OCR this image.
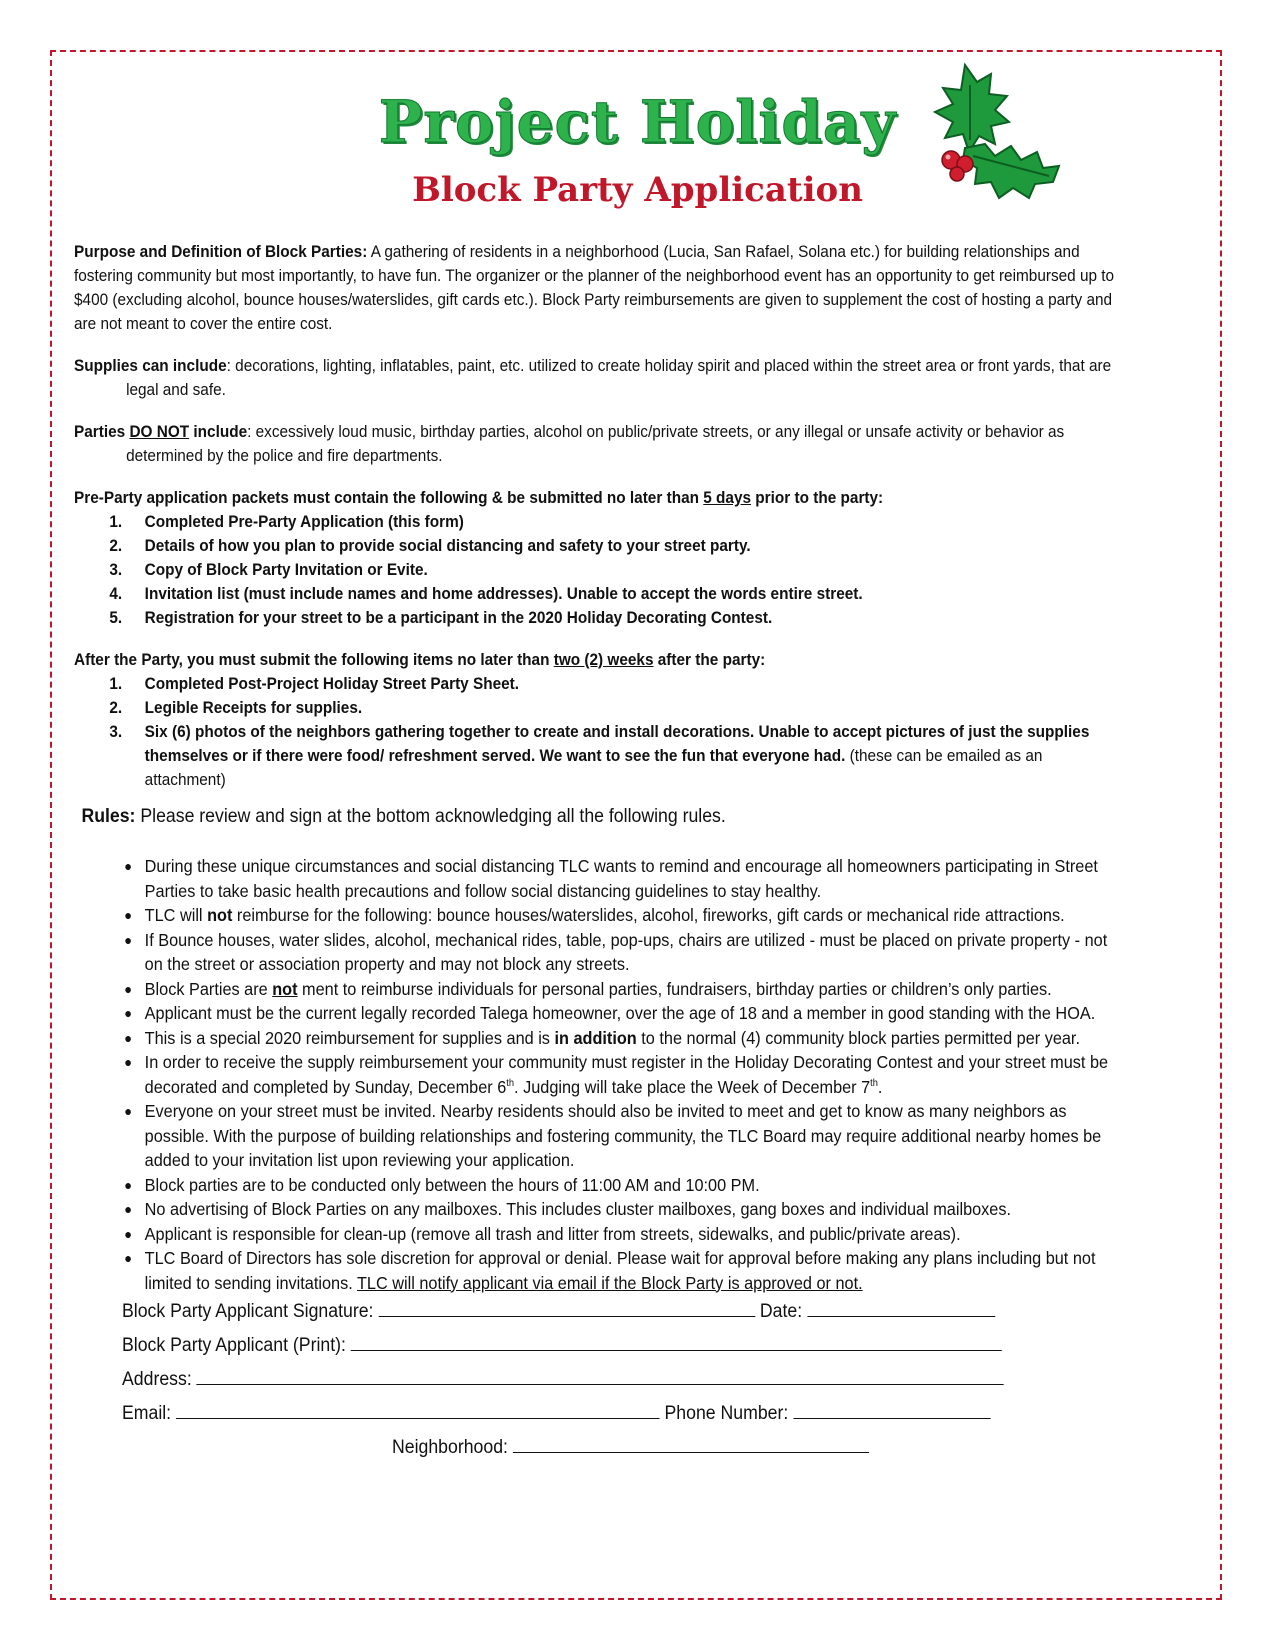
Project Holiday
Block Party Application

Purpose and Definition of Block Parties: A gathering of residents in a neighborhood (Lucia, San Rafael, Solana etc.) for building relationships and fostering community but most importantly, to have fun. The organizer or the planner of the neighborhood event has an opportunity to get reimbursed up to $400 (excluding alcohol, bounce houses/waterslides, gift cards etc.). Block Party reimbursements are given to supplement the cost of hosting a party and are not meant to cover the entire cost.

Supplies can include: decorations, lighting, inflatables, paint, etc. utilized to create holiday spirit and placed within the street area or front yards, that are legal and safe.

Parties DO NOT include: excessively loud music, birthday parties, alcohol on public/private streets, or any illegal or unsafe activity or behavior as determined by the police and fire departments.

Pre-Party application packets must contain the following & be submitted no later than 5 days prior to the party:

1. Completed Pre-Party Application (this form)
2. Details of how you plan to provide social distancing and safety to your street party.
3. Copy of Block Party Invitation or Evite.
4. Invitation list (must include names and home addresses). Unable to accept the words entire street.
5. Registration for your street to be a participant in the 2020 Holiday Decorating Contest.

After the Party, you must submit the following items no later than two (2) weeks after the party:

1. Completed Post-Project Holiday Street Party Sheet.
2. Legible Receipts for supplies.
3. Six (6) photos of the neighbors gathering together to create and install decorations. Unable to accept pictures of just the supplies themselves or if there were food/ refreshment served. We want to see the fun that everyone had. (these can be emailed as an attachment)

Rules: Please review and sign at the bottom acknowledging all the following rules.

● During these unique circumstances and social distancing TLC wants to remind and encourage all homeowners participating in Street Parties to take basic health precautions and follow social distancing guidelines to stay healthy.
● TLC will not reimburse for the following: bounce houses/waterslides, alcohol, fireworks, gift cards or mechanical ride attractions.
● If Bounce houses, water slides, alcohol, mechanical rides, table, pop-ups, chairs are utilized - must be placed on private property - not on the street or association property and may not block any streets.
● Block Parties are not ment to reimburse individuals for personal parties, fundraisers, birthday parties or children’s only parties.
● Applicant must be the current legally recorded Talega homeowner, over the age of 18 and a member in good standing with the HOA.
● This is a special 2020 reimbursement for supplies and is in addition to the normal (4) community block parties permitted per year.
● In order to receive the supply reimbursement your community must register in the Holiday Decorating Contest and your street must be decorated and completed by Sunday, December 6th. Judging will take place the Week of December 7th.
● Everyone on your street must be invited. Nearby residents should also be invited to meet and get to know as many neighbors as possible. With the purpose of building relationships and fostering community, the TLC Board may require additional nearby homes be added to your invitation list upon reviewing your application.
● Block parties are to be conducted only between the hours of 11:00 AM and 10:00 PM.
● No advertising of Block Parties on any mailboxes. This includes cluster mailboxes, gang boxes and individual mailboxes.
● Applicant is responsible for clean-up (remove all trash and litter from streets, sidewalks, and public/private areas).
● TLC Board of Directors has sole discretion for approval or denial. Please wait for approval before making any plans including but not limited to sending invitations. TLC will notify applicant via email if the Block Party is approved or not.
Block Party Applicant Signature:	Date:
Block Party Applicant (Print):
Address:
Email:	Phone Number:
Neighborhood:
